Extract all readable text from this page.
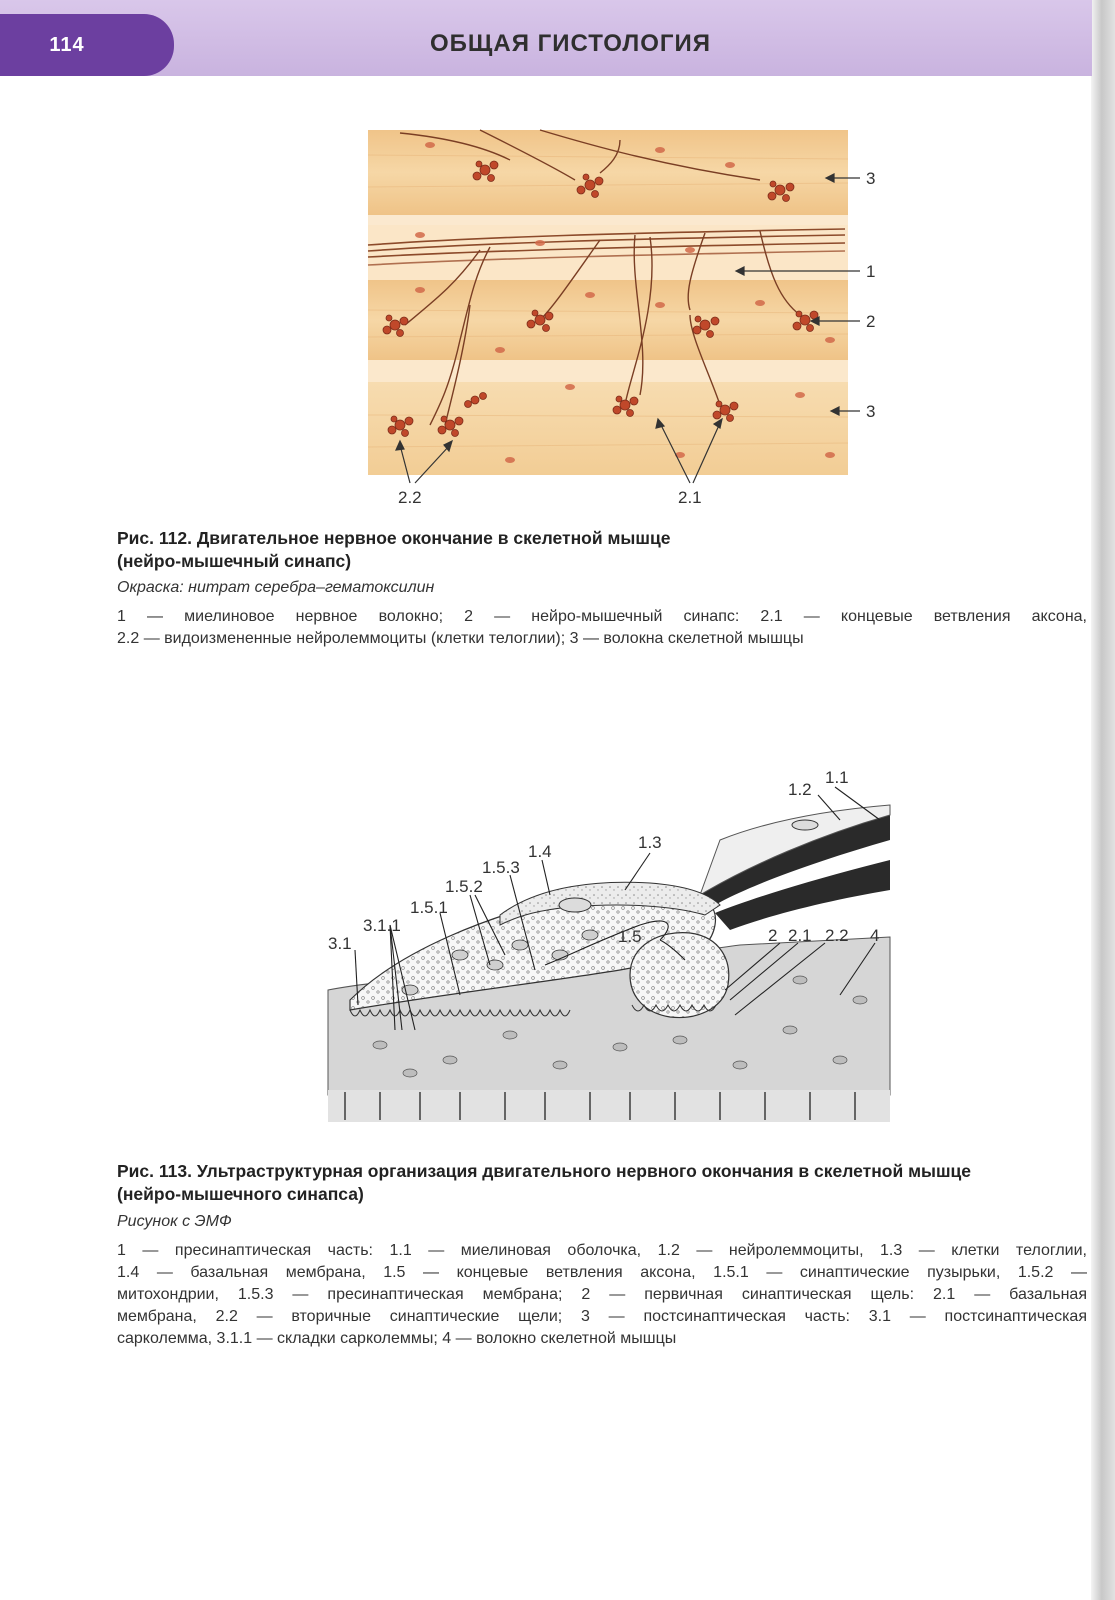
114	ОБЩАЯ ГИСТОЛОГИЯ
3
1
2
3
2.2	2.1
Рис. 112. Двигательное нервное окончание в скелетной мышце
(нейро-мышечный синапс)
Окраска: нитрат серебра–гематоксилин
1 — миелиновое нервное волокно; 2 — нейро-мышечный синапс: 2.1 — концевые ветвления аксона,
2.2 — видоизмененные нейролеммоциты (клетки телоглии); 3 — волокна скелетной мышцы
1.1
1.2
1.3
1.4
1.5.3
1.5.2
1.5.1
3.1.1
3.1	1.5	2 2.1 2.2 4
Рис. 113. Ультраструктурная организация двигательного нервного окончания в скелетной мышце
(нейро-мышечного синапса)
Рисунок с ЭМФ
1 — пресинаптическая часть: 1.1 — миелиновая оболочка, 1.2 — нейролеммоциты, 1.3 — клетки телоглии,
1.4 — базальная мембрана, 1.5 — концевые ветвления аксона, 1.5.1 — синаптические пузырьки, 1.5.2 —
митохондрии, 1.5.3 — пресинаптическая мембрана; 2 — первичная синаптическая щель: 2.1 — базальная
мембрана, 2.2 — вторичные синаптические щели; 3 — постсинаптическая часть: 3.1 — постсинаптическая
сарколемма, 3.1.1 — складки сарколеммы; 4 — волокно скелетной мышцы
